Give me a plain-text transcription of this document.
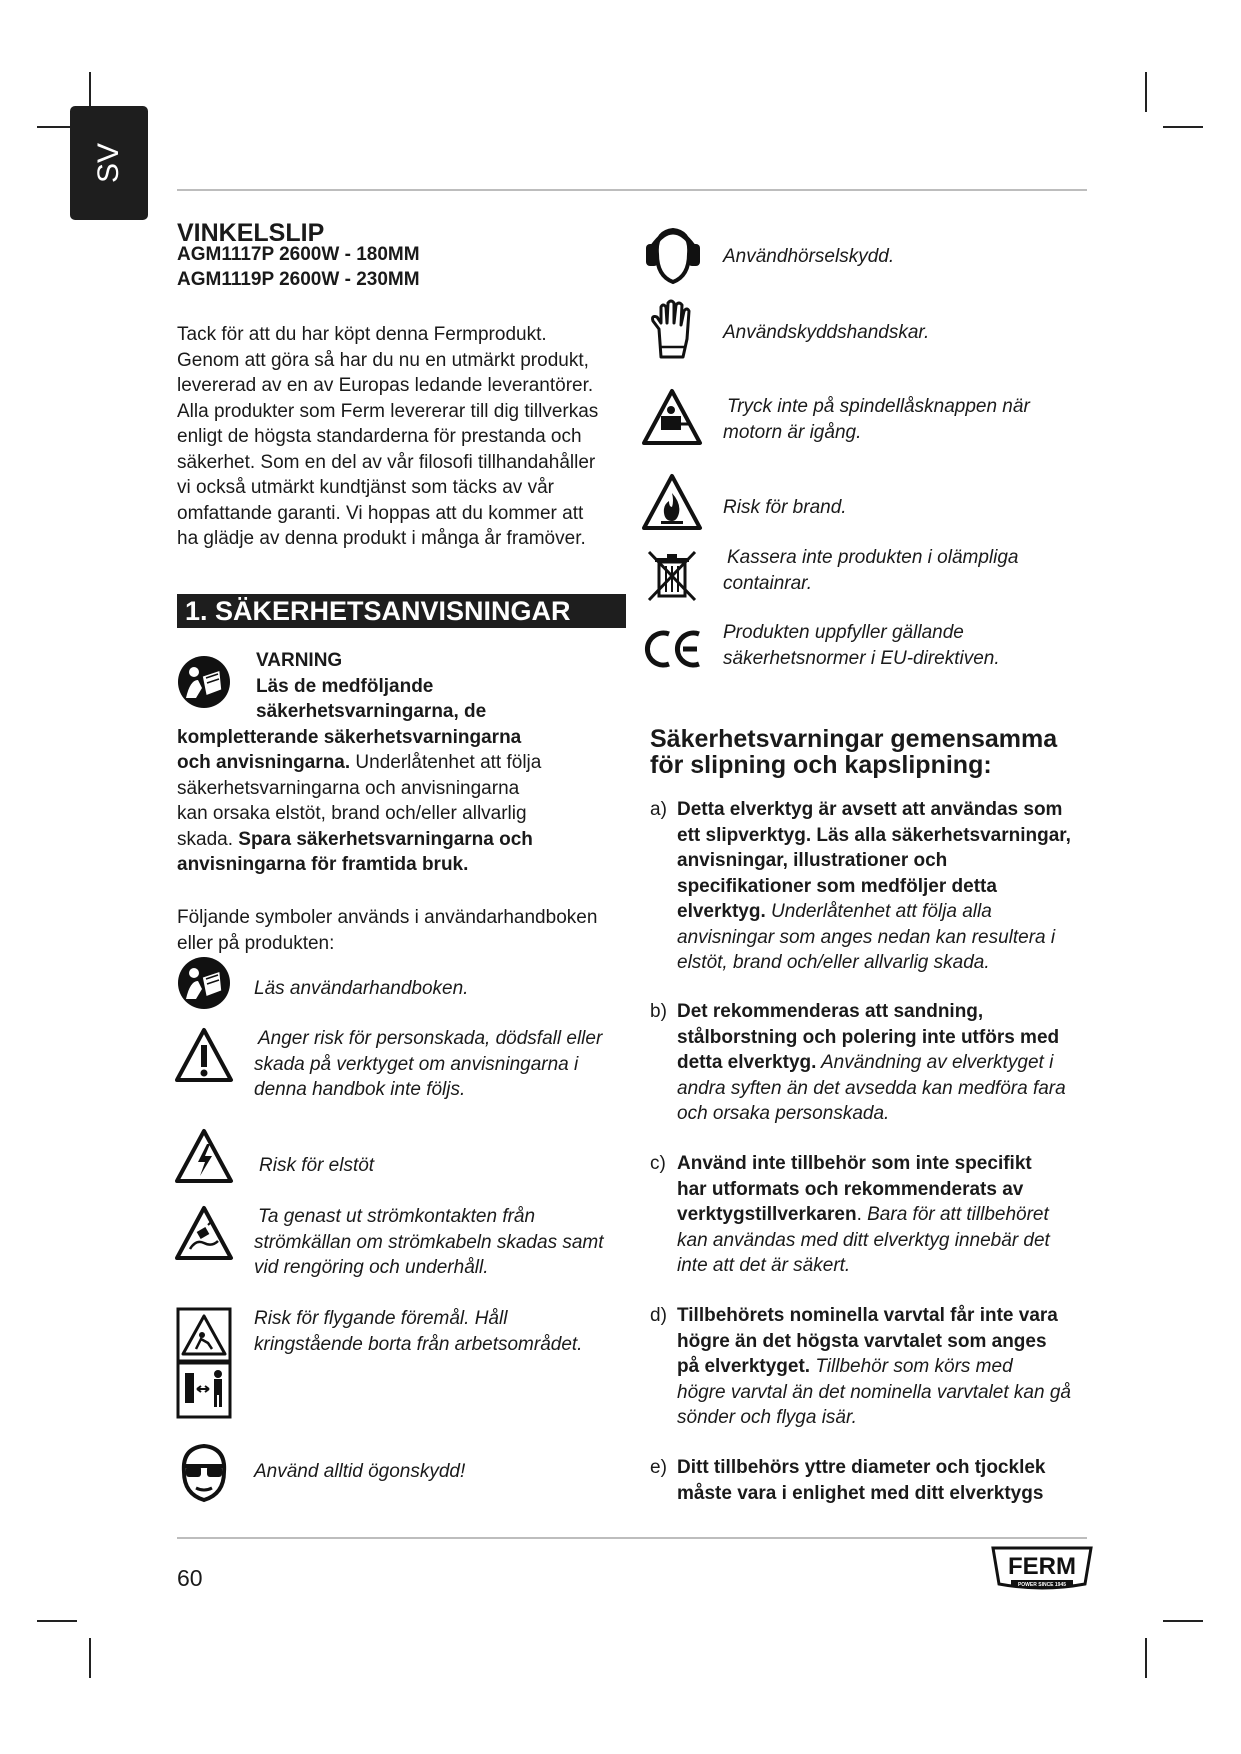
SV
VINKELSLIP
AGM1117P 2600W - 180MM
AGM1119P 2600W - 230MM
Tack för att du har köpt denna Fermprodukt.
Genom att göra så har du nu en utmärkt produkt,
levererad av en av Europas ledande leverantörer.
Alla produkter som Ferm levererar till dig tillverkas
enligt de högsta standarderna för prestanda och
säkerhet. Som en del av vår filosofi tillhandahåller
vi också utmärkt kundtjänst som täcks av vår
omfattande garanti. Vi hoppas att du kommer att
ha glädje av denna produkt i många år framöver.
1. SÄKERHETSANVISNINGAR
VARNING
Läs de medföljande
säkerhetsvarningarna, de
kompletterande säkerhetsvarningarna
och anvisningarna. Underlåtenhet att följa
säkerhetsvarningarna och anvisningarna
kan orsaka elstöt, brand och/eller allvarlig
skada. Spara säkerhetsvarningarna och
anvisningarna för framtida bruk.
Följande symboler används i användarhandboken
eller på produkten:
Läs användarhandboken.
Anger risk för personskada, dödsfall eller
skada på verktyget om anvisningarna i
denna handbok inte följs.
Risk för elstöt
Ta genast ut strömkontakten från
strömkällan om strömkabeln skadas samt
vid rengöring och underhåll.
Risk för flygande föremål. Håll
kringstående borta från arbetsområdet.
Använd alltid ögonskydd!
Användhörselskydd.
Användskyddshandskar.
Tryck inte på spindellåsknappen när
motorn är igång.
Risk för brand.
Kassera inte produkten i olämpliga
containrar.
Produkten uppfyller gällande
säkerhetsnormer i EU-direktiven.
Säkerhetsvarningar gemensamma
för slipning och kapslipning:
a) Detta elverktyg är avsett att användas som
ett slipverktyg. Läs alla säkerhetsvarningar,
anvisningar, illustrationer och
specifikationer som medföljer detta
elverktyg. Underlåtenhet att följa alla
anvisningar som anges nedan kan resultera i
elstöt, brand och/eller allvarlig skada.
b) Det rekommenderas att sandning,
stålborstning och polering inte utförs med
detta elverktyg. Användning av elverktyget i
andra syften än det avsedda kan medföra fara
och orsaka personskada.
c) Använd inte tillbehör som inte specifikt
har utformats och rekommenderats av
verktygstillverkaren. Bara för att tillbehöret
kan användas med ditt elverktyg innebär det
inte att det är säkert.
d) Tillbehörets nominella varvtal får inte vara
högre än det högsta varvtalet som anges
på elverktyget. Tillbehör som körs med
högre varvtal än det nominella varvtalet kan gå
sönder och flyga isär.
e) Ditt tillbehörs yttre diameter och tjocklek
måste vara i enlighet med ditt elverktygs
60	FERM
POWER SINCE 1945
